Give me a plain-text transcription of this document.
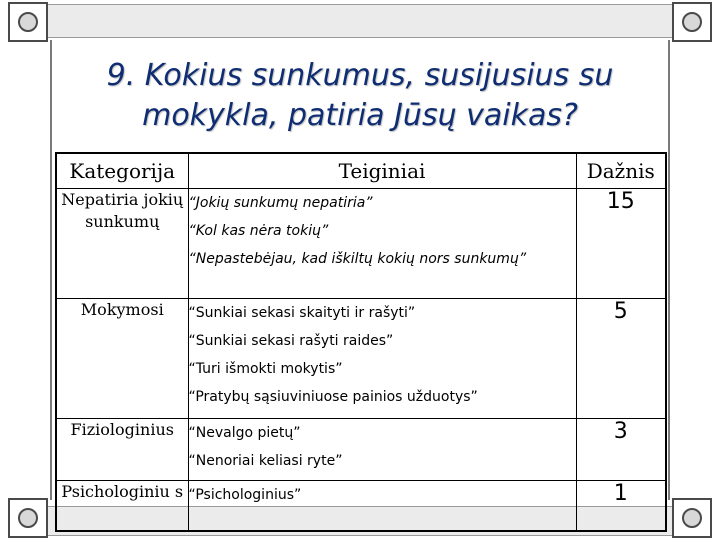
9. Kokius sunkumus, susijusius su
mokykla, patiria Jūsų vaikas?
Kategorija	Teiginiai	Dažnis
Nepatiria jokių sunkumų	“Jokių sunkumų nepatiria”
“Kol kas nėra tokių”
“Nepastebėjau, kad iškiltų kokių nors sunkumų”	15
Mokymosi	“Sunkiai sekasi skaityti ir rašyti”
“Sunkiai sekasi rašyti raides”
“Turi išmokti mokytis”
“Pratybų sąsiuviniuose painios užduotys”	5
Fiziologinius	“Nevalgo pietų”
“Nenoriai keliasi ryte”	3
Psichologiniu s	“Psichologinius”	1
